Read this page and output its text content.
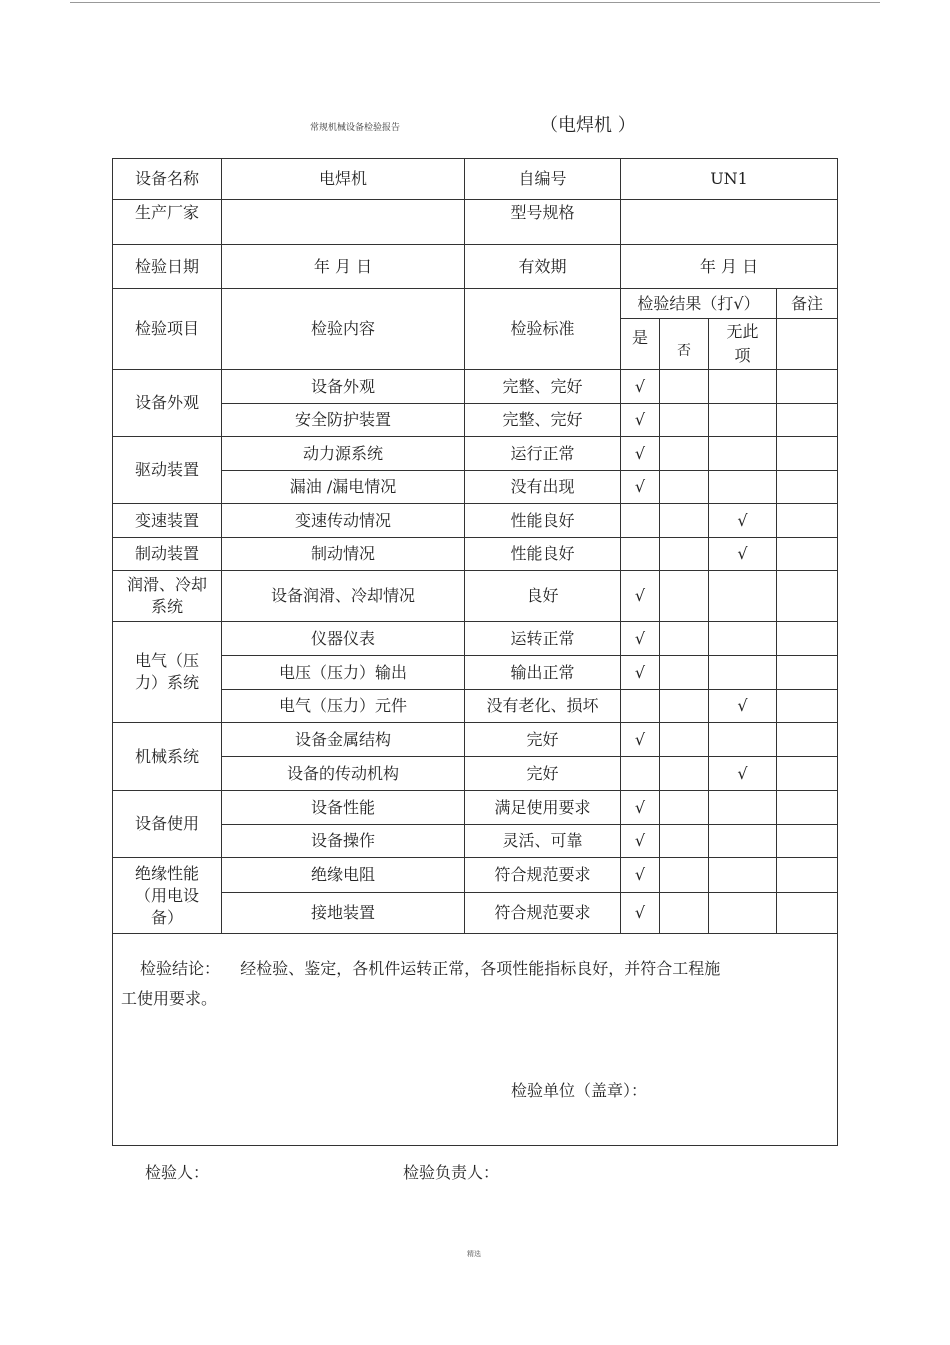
常规机械设备检验报告	（电焊机 ）
设备名称	电焊机	自编号	UN1			
生产厂家		型号规格				
检验日期	年 月 日	有效期	年 月 日			
检验项目	检验内容	检验标准	检验结果（打√）			备注
			是	否	无此
项	

设备外观	设备外观	完整、完好	√			
	安全防护装置	完整、完好	√			
驱动装置	动力源系统	运行正常	√			
	漏油 /漏电情况	没有出现	√			
变速装置	变速传动情况	性能良好			√	
制动装置	制动情况	性能良好			√	

润滑、冷却
系统	设备润滑、冷却情况	良好	√			

电气（压
力）系统	仪器仪表	运转正常	√			
	电压（压力）输出	输出正常	√			
	电气（压力）元件	没有老化、损坏			√	
机械系统	设备金属结构	完好	√			
	设备的传动机构	完好			√	
设备使用	设备性能	满足使用要求	√			
	设备操作	灵活、可靠	√			

绝缘性能
（用电设
备）	绝缘电阻	符合规范要求	√			
	接地装置	符合规范要求	√			

检验结论： 经检验、鉴定，各机件运转正常，各项性能指标良好，并符合工程施
工使用要求。
检验单位（盖章）：						
检验人：	检验负责人：
精选
